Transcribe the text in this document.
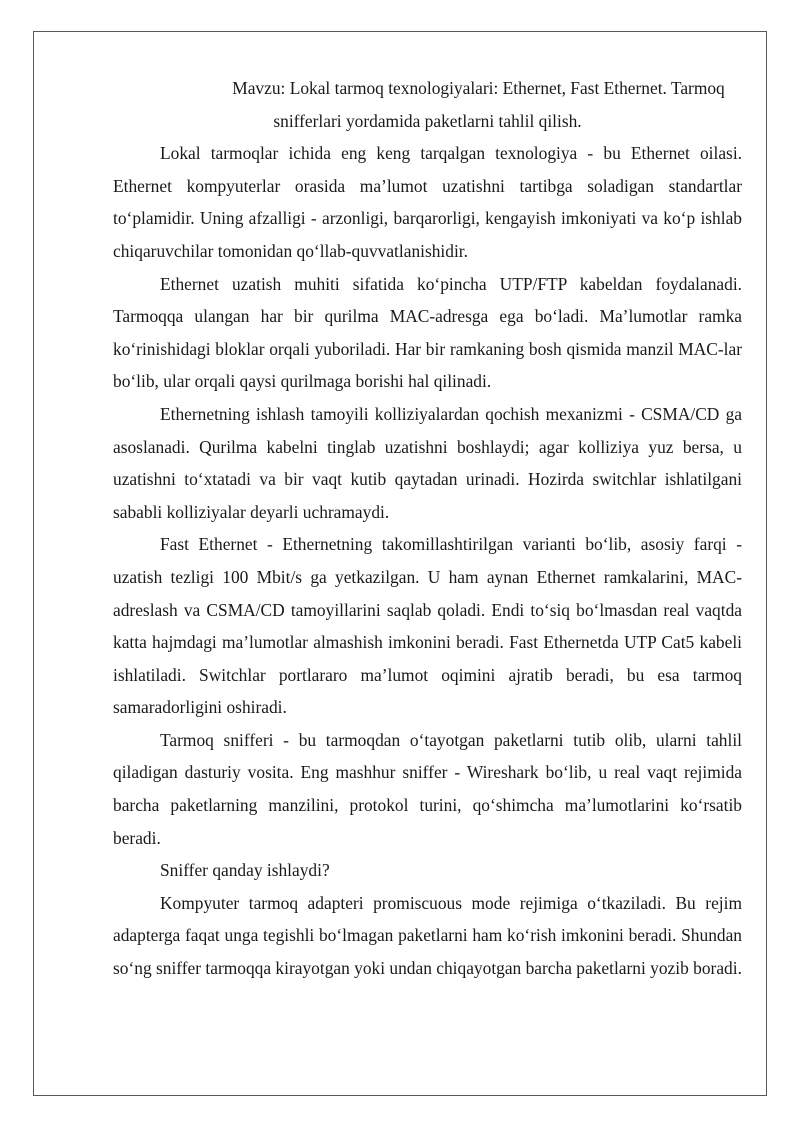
Mavzu: Lokal tarmoq texnologiyalari: Ethernet, Fast Ethernet. Tarmoq
snifferlari yordamida paketlarni tahlil qilish.

Lokal tarmoqlar ichida eng keng tarqalgan texnologiya - bu Ethernet oilasi. Ethernet kompyuterlar orasida ma’lumot uzatishni tartibga soladigan standartlar to‘plamidir. Uning afzalligi - arzonligi, barqarorligi, kengayish imkoniyati va ko‘p ishlab chiqaruvchilar tomonidan qo‘llab-quvvatlanishidir.

Ethernet uzatish muhiti sifatida ko‘pincha UTP/FTP kabeldan foydalanadi. Tarmoqqa ulangan har bir qurilma MAC-adresga ega bo‘ladi. Ma’lumotlar ramka ko‘rinishidagi bloklar orqali yuboriladi. Har bir ramkaning bosh qismida manzil MAC-lar bo‘lib, ular orqali qaysi qurilmaga borishi hal qilinadi.

Ethernetning ishlash tamoyili kolliziyalardan qochish mexanizmi - CSMA/CD ga asoslanadi. Qurilma kabelni tinglab uzatishni boshlaydi; agar kolliziya yuz bersa, u uzatishni to‘xtatadi va bir vaqt kutib qaytadan urinadi. Hozirda switchlar ishlatilgani sababli kolliziyalar deyarli uchramaydi.

Fast Ethernet - Ethernetning takomillashtirilgan varianti bo‘lib, asosiy farqi - uzatish tezligi 100 Mbit/s ga yetkazilgan. U ham aynan Ethernet ramkalarini, MAC-adreslash va CSMA/CD tamoyillarini saqlab qoladi. Endi to‘siq bo‘lmasdan real vaqtda katta hajmdagi ma’lumotlar almashish imkonini beradi. Fast Ethernetda UTP Cat5 kabeli ishlatiladi. Switchlar portlararo ma’lumot oqimini ajratib beradi, bu esa tarmoq samaradorligini oshiradi.

Tarmoq snifferi - bu tarmoqdan o‘tayotgan paketlarni tutib olib, ularni tahlil qiladigan dasturiy vosita. Eng mashhur sniffer - Wireshark bo‘lib, u real vaqt rejimida barcha paketlarning manzilini, protokol turini, qo‘shimcha ma’lumotlarini ko‘rsatib beradi.

Sniffer qanday ishlaydi?

Kompyuter tarmoq adapteri promiscuous mode rejimiga o‘tkaziladi. Bu rejim adapterga faqat unga tegishli bo‘lmagan paketlarni ham ko‘rish imkonini beradi. Shundan so‘ng sniffer tarmoqqa kirayotgan yoki undan chiqayotgan barcha paketlarni yozib boradi.
